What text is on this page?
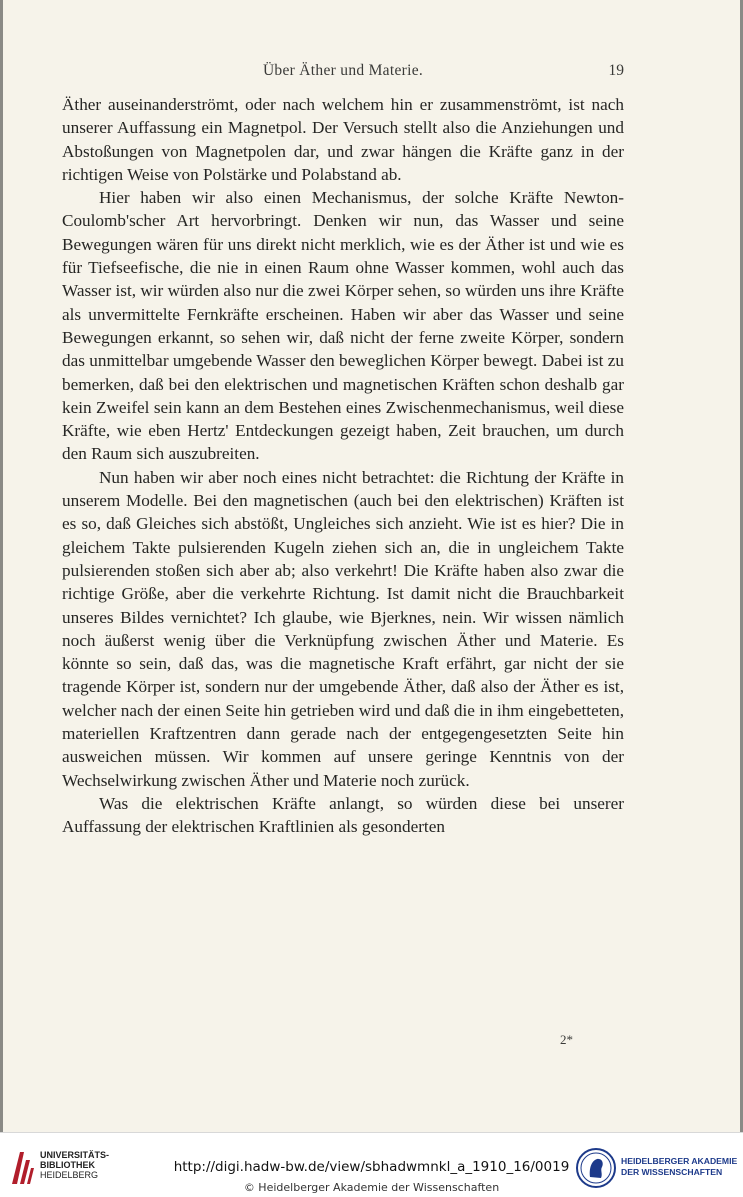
Über Äther und Materie.	19

Äther auseinanderströmt, oder nach welchem hin er zusammenströmt, ist nach unserer Auffassung ein Magnetpol. Der Versuch stellt also die Anziehungen und Abstoßungen von Magnetpolen dar, und zwar hängen die Kräfte ganz in der richtigen Weise von Polstärke und Polabstand ab.

Hier haben wir also einen Mechanismus, der solche Kräfte Newton-Coulomb'scher Art hervorbringt. Denken wir nun, das Wasser und seine Bewegungen wären für uns direkt nicht merklich, wie es der Äther ist und wie es für Tiefseefische, die nie in einen Raum ohne Wasser kommen, wohl auch das Wasser ist, wir würden also nur die zwei Körper sehen, so würden uns ihre Kräfte als unvermittelte Fernkräfte erscheinen. Haben wir aber das Wasser und seine Bewegungen erkannt, so sehen wir, daß nicht der ferne zweite Körper, sondern das unmittelbar umgebende Wasser den beweglichen Körper bewegt. Dabei ist zu bemerken, daß bei den elektrischen und magnetischen Kräften schon deshalb gar kein Zweifel sein kann an dem Bestehen eines Zwischenmechanismus, weil diese Kräfte, wie eben Hertz' Entdeckungen gezeigt haben, Zeit brauchen, um durch den Raum sich auszubreiten.

Nun haben wir aber noch eines nicht betrachtet: die Richtung der Kräfte in unserem Modelle. Bei den magnetischen (auch bei den elektrischen) Kräften ist es so, daß Gleiches sich abstößt, Ungleiches sich anzieht. Wie ist es hier? Die in gleichem Takte pulsierenden Kugeln ziehen sich an, die in ungleichem Takte pulsierenden stoßen sich aber ab; also verkehrt! Die Kräfte haben also zwar die richtige Größe, aber die verkehrte Richtung. Ist damit nicht die Brauchbarkeit unseres Bildes vernichtet? Ich glaube, wie Bjerknes, nein. Wir wissen nämlich noch äußerst wenig über die Verknüpfung zwischen Äther und Materie. Es könnte so sein, daß das, was die magnetische Kraft erfährt, gar nicht der sie tragende Körper ist, sondern nur der umgebende Äther, daß also der Äther es ist, welcher nach der einen Seite hin getrieben wird und daß die in ihm eingebetteten, materiellen Kraftzentren dann gerade nach der entgegengesetzten Seite hin ausweichen müssen. Wir kommen auf unsere geringe Kenntnis von der Wechselwirkung zwischen Äther und Materie noch zurück.

Was die elektrischen Kräfte anlangt, so würden diese bei unserer Auffassung der elektrischen Kraftlinien als gesonderten

2*
UNIVERSITÄTS-
BIBLIOTHEK
HEIDELBERG	http://digi.hadw-bw.de/view/sbhadwmnkl_a_1910_16/0019
© Heidelberger Akademie der Wissenschaften
HEIDELBERGER AKADEMIE
DER WISSENSCHAFTEN
